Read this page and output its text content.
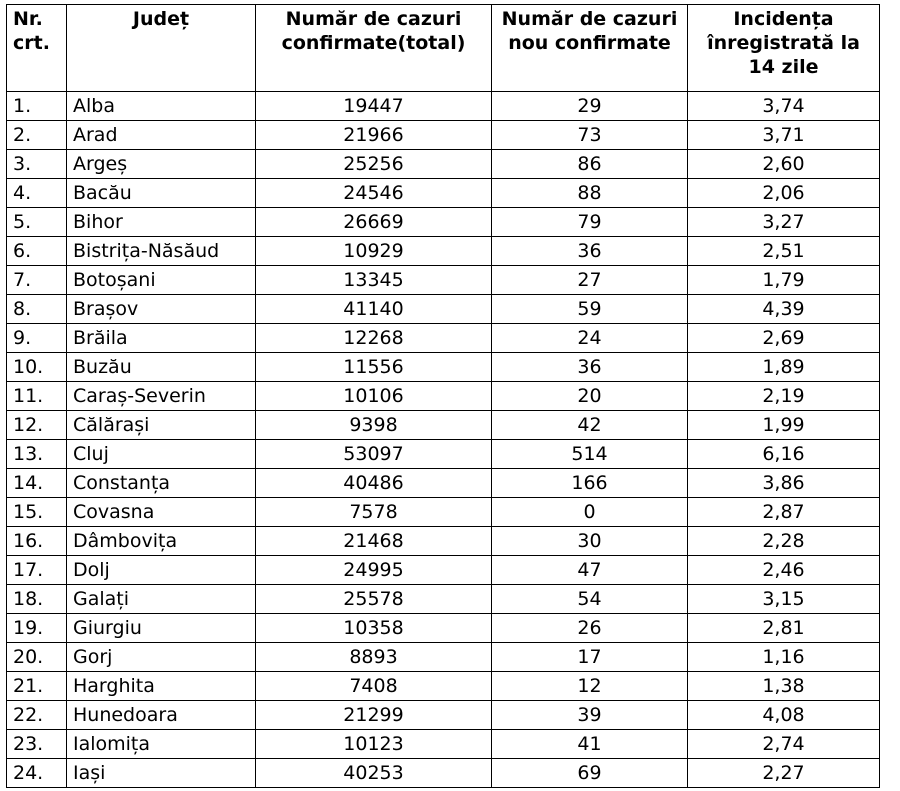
Nr. crt.	Județ	Număr de cazuri confirmate(total)	Număr de cazuri nou confirmate	Incidența înregistrată la 14 zile
1.	Alba	19447	29	3,74
2.	Arad	21966	73	3,71
3.	Argeș	25256	86	2,60
4.	Bacău	24546	88	2,06
5.	Bihor	26669	79	3,27
6.	Bistrița-Năsăud	10929	36	2,51
7.	Botoșani	13345	27	1,79
8.	Brașov	41140	59	4,39
9.	Brăila	12268	24	2,69
10.	Buzău	11556	36	1,89
11.	Caraș-Severin	10106	20	2,19
12.	Călărași	9398	42	1,99
13.	Cluj	53097	514	6,16
14.	Constanța	40486	166	3,86
15.	Covasna	7578	0	2,87
16.	Dâmbovița	21468	30	2,28
17.	Dolj	24995	47	2,46
18.	Galați	25578	54	3,15
19.	Giurgiu	10358	26	2,81
20.	Gorj	8893	17	1,16
21.	Harghita	7408	12	1,38
22.	Hunedoara	21299	39	4,08
23.	Ialomița	10123	41	2,74
24.	Iași	40253	69	2,27
